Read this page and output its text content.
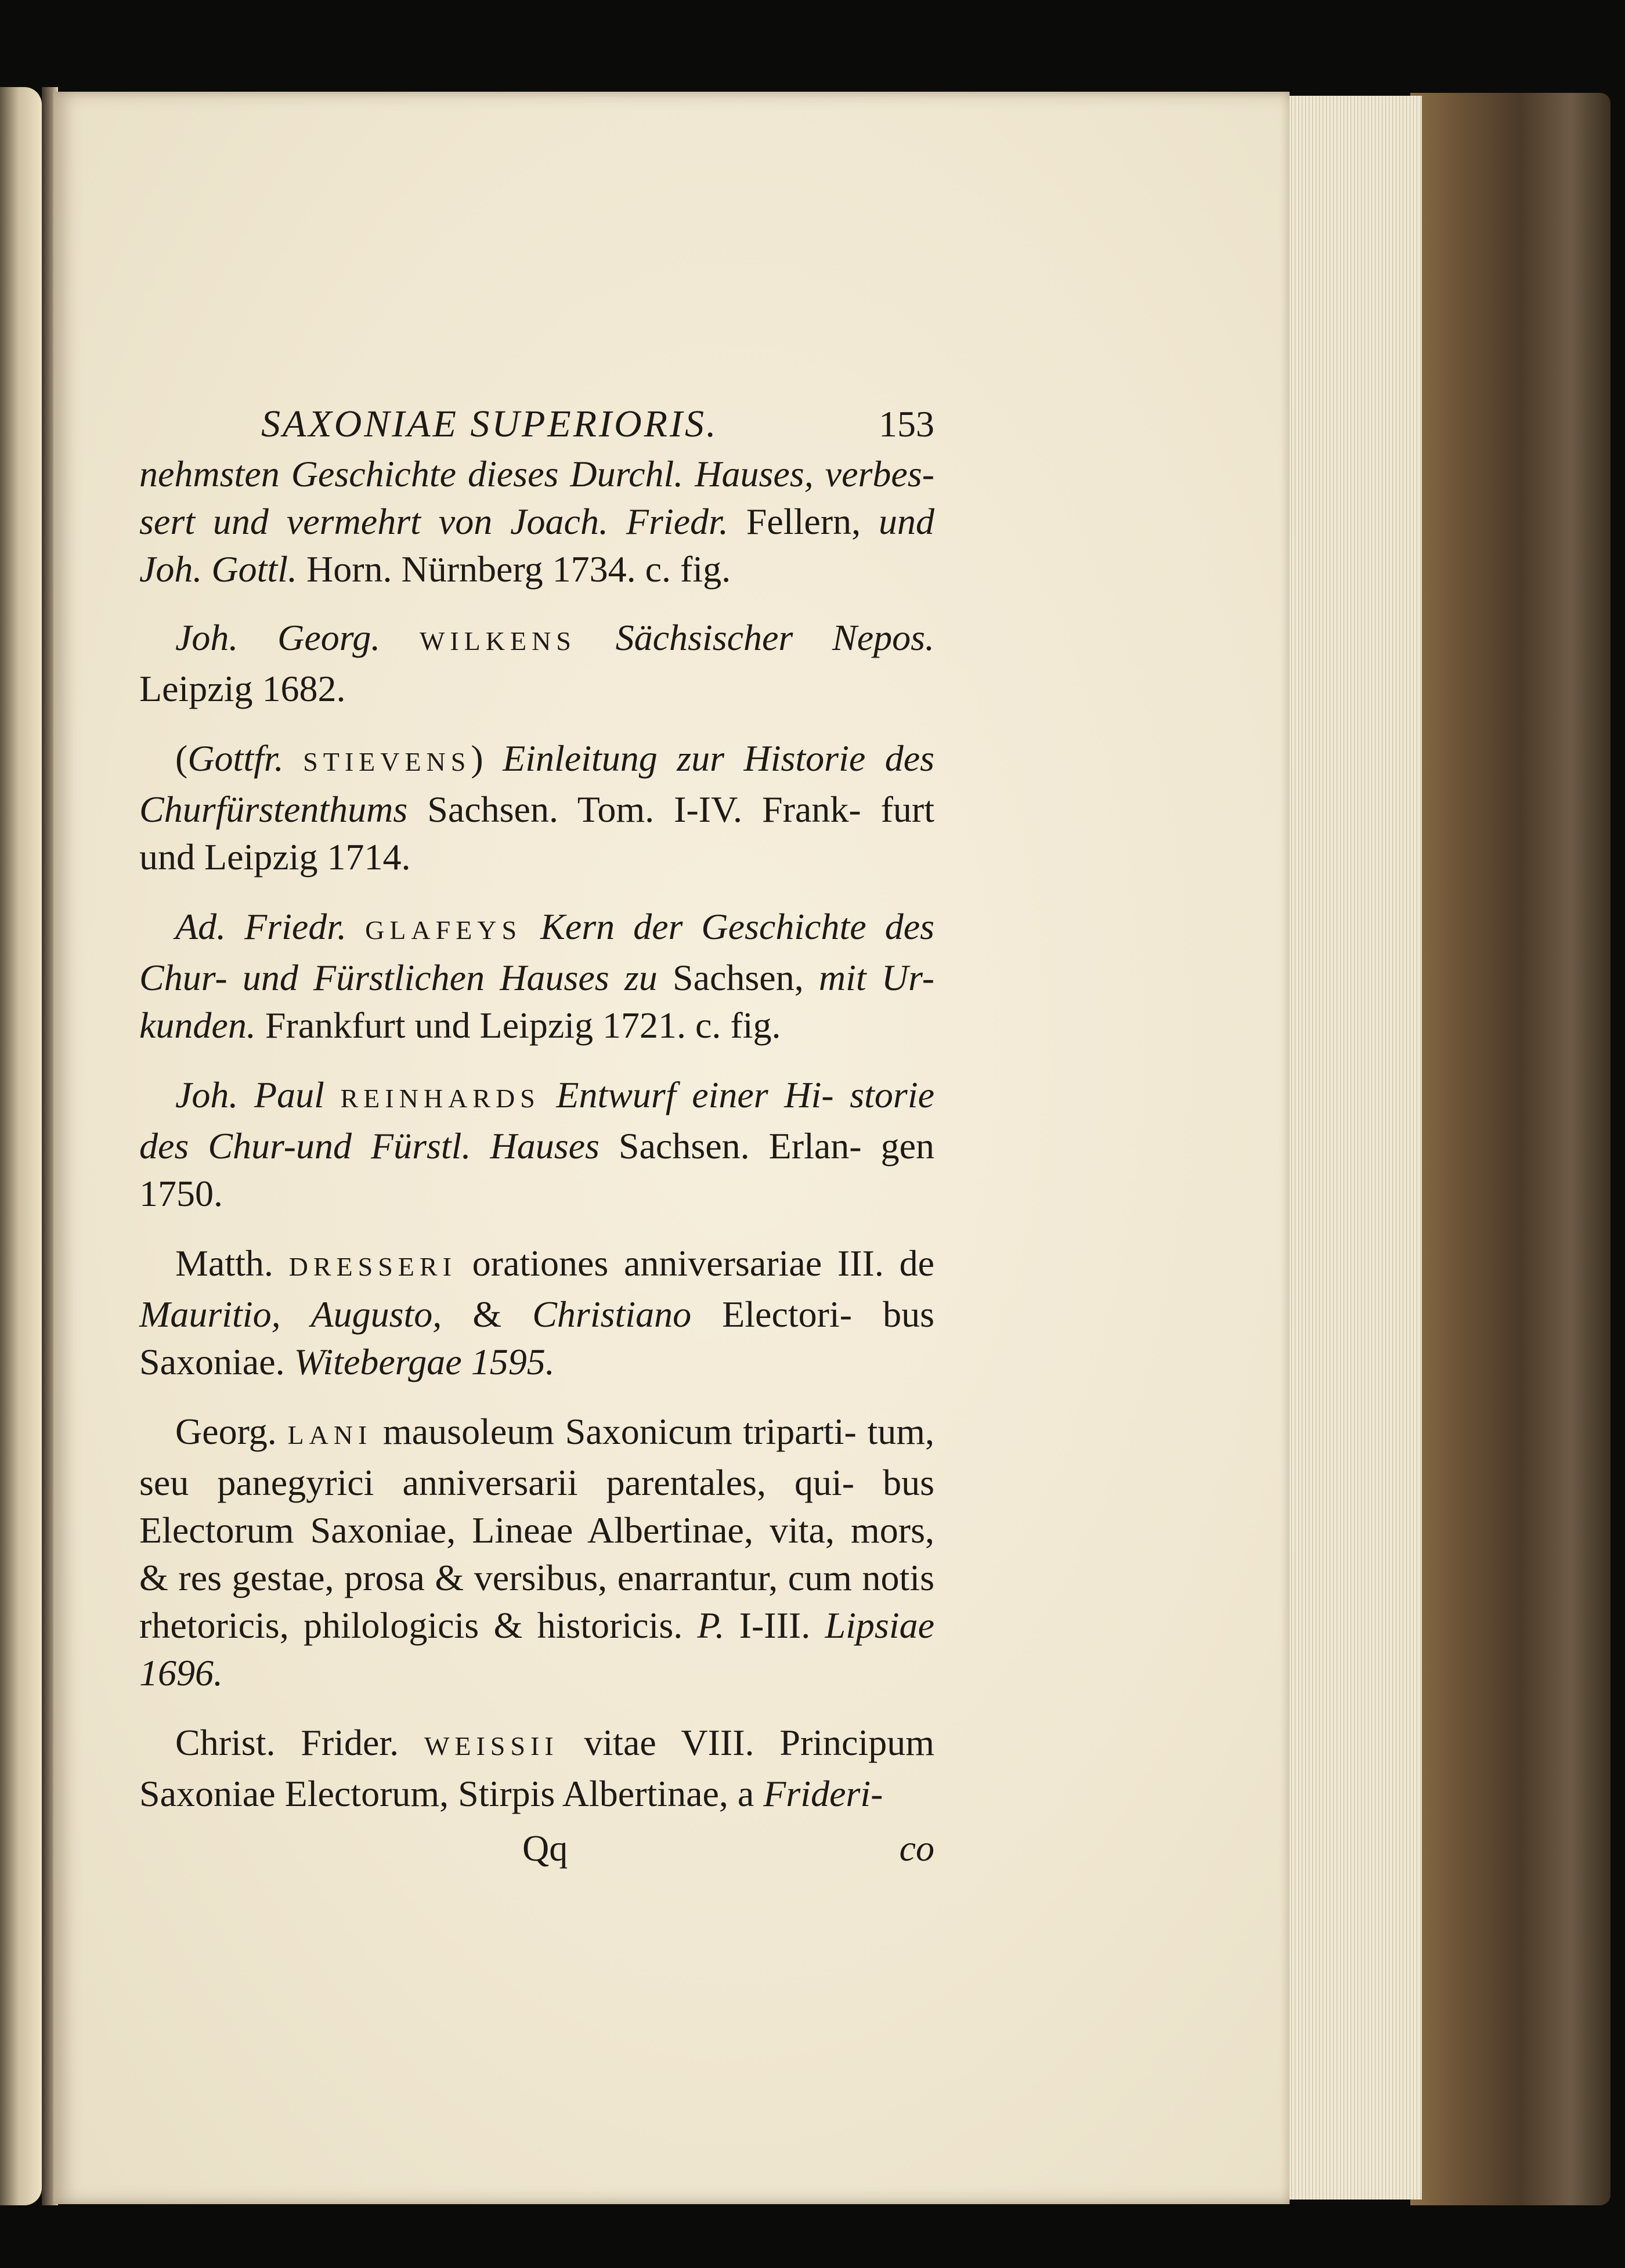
SAXONIAE SUPERIORIS.	153
nehmsten Geschichte dieses Durchl. Hauses, verbes- sert und vermehrt von Joach. Friedr. Fellern, und Joh. Gottl. Horn. Nürnberg 1734. c. fig.
Joh. Georg. WILKENS Sächsischer Nepos. Leipzig 1682.
(Gottfr. STIEVENS) Einleitung zur Historie des Churfürstenthums Sachsen. Tom. I-IV. Frank- furt und Leipzig 1714.
Ad. Friedr. GLAFEYS Kern der Geschichte des Chur- und Fürstlichen Hauses zu Sachsen, mit Ur- kunden. Frankfurt und Leipzig 1721. c. fig.
Joh. Paul REINHARDS Entwurf einer Hi- storie des Chur-und Fürstl. Hauses Sachsen. Erlan- gen 1750.
Matth. DRESSERI orationes anniversariae III. de Mauritio, Augusto, & Christiano Electori- bus Saxoniae. Witebergae 1595.
Georg. LANI mausoleum Saxonicum triparti- tum, seu panegyrici anniversarii parentales, qui- bus Electorum Saxoniae, Lineae Albertinae, vita, mors, & res gestae, prosa & versibus, enarrantur, cum notis rhetoricis, philologicis & historicis. P. I-III. Lipsiae 1696.
Christ. Frider. WEISSII vitae VIII. Principum Saxoniae Electorum, Stirpis Albertinae, a Frideri-
Qq	co
